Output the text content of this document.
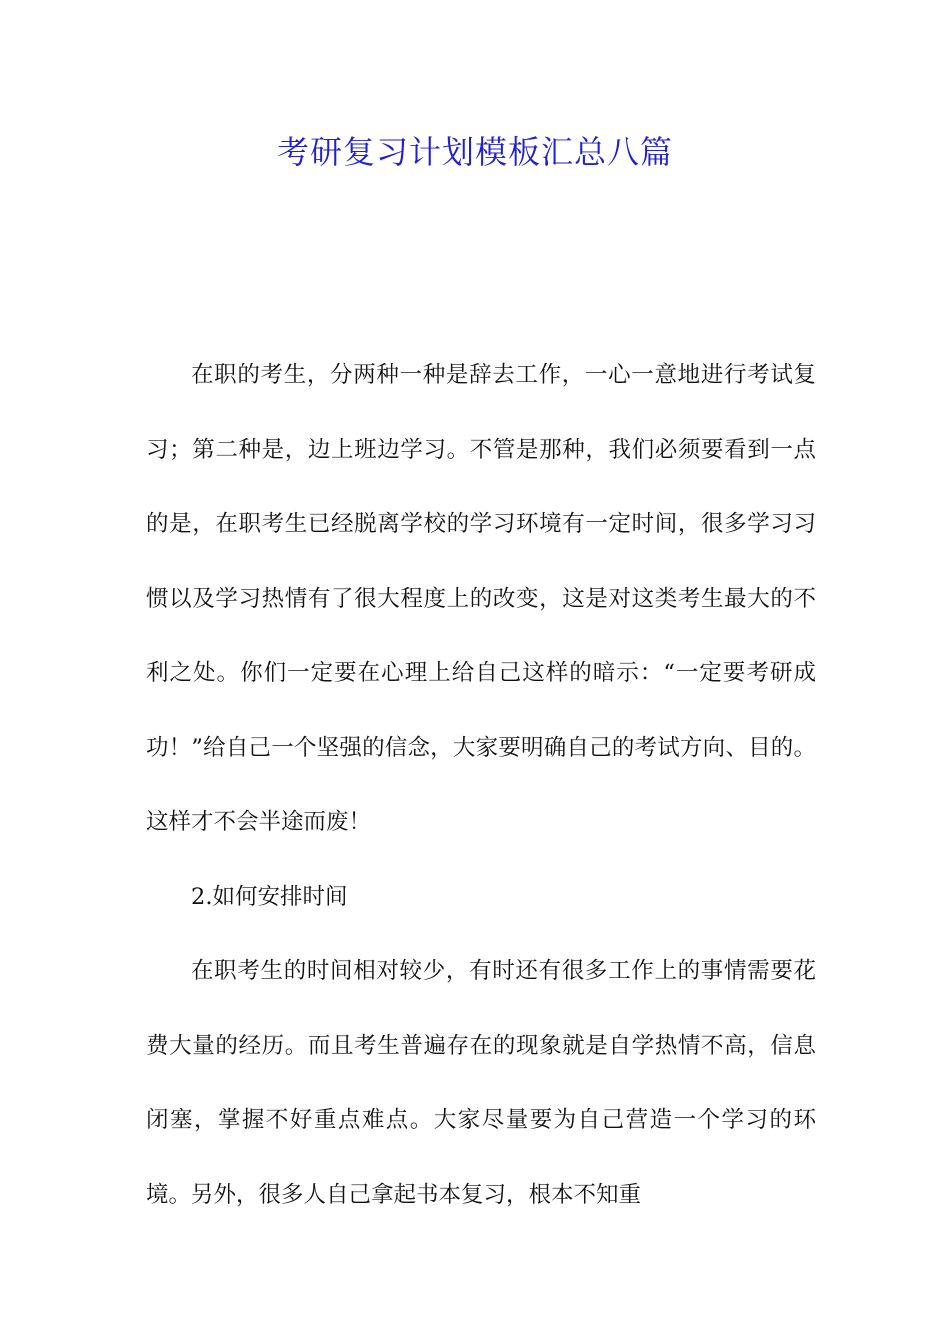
考研复习计划模板汇总八篇

在职的考生，分两种一种是辞去工作，一心一意地进行考试复习；第二种是，边上班边学习。不管是那种，我们必须要看到一点的是，在职考生已经脱离学校的学习环境有一定时间，很多学习习惯以及学习热情有了很大程度上的改变，这是对这类考生最大的不利之处。你们一定要在心理上给自己这样的暗示：“一定要考研成功！”给自己一个坚强的信念，大家要明确自己的考试方向、目的。这样才不会半途而废！

2.如何安排时间

在职考生的时间相对较少，有时还有很多工作上的事情需要花费大量的经历。而且考生普遍存在的现象就是自学热情不高，信息闭塞，掌握不好重点难点。大家尽量要为自己营造一个学习的环境。另外，很多人自己拿起书本复习，根本不知重
